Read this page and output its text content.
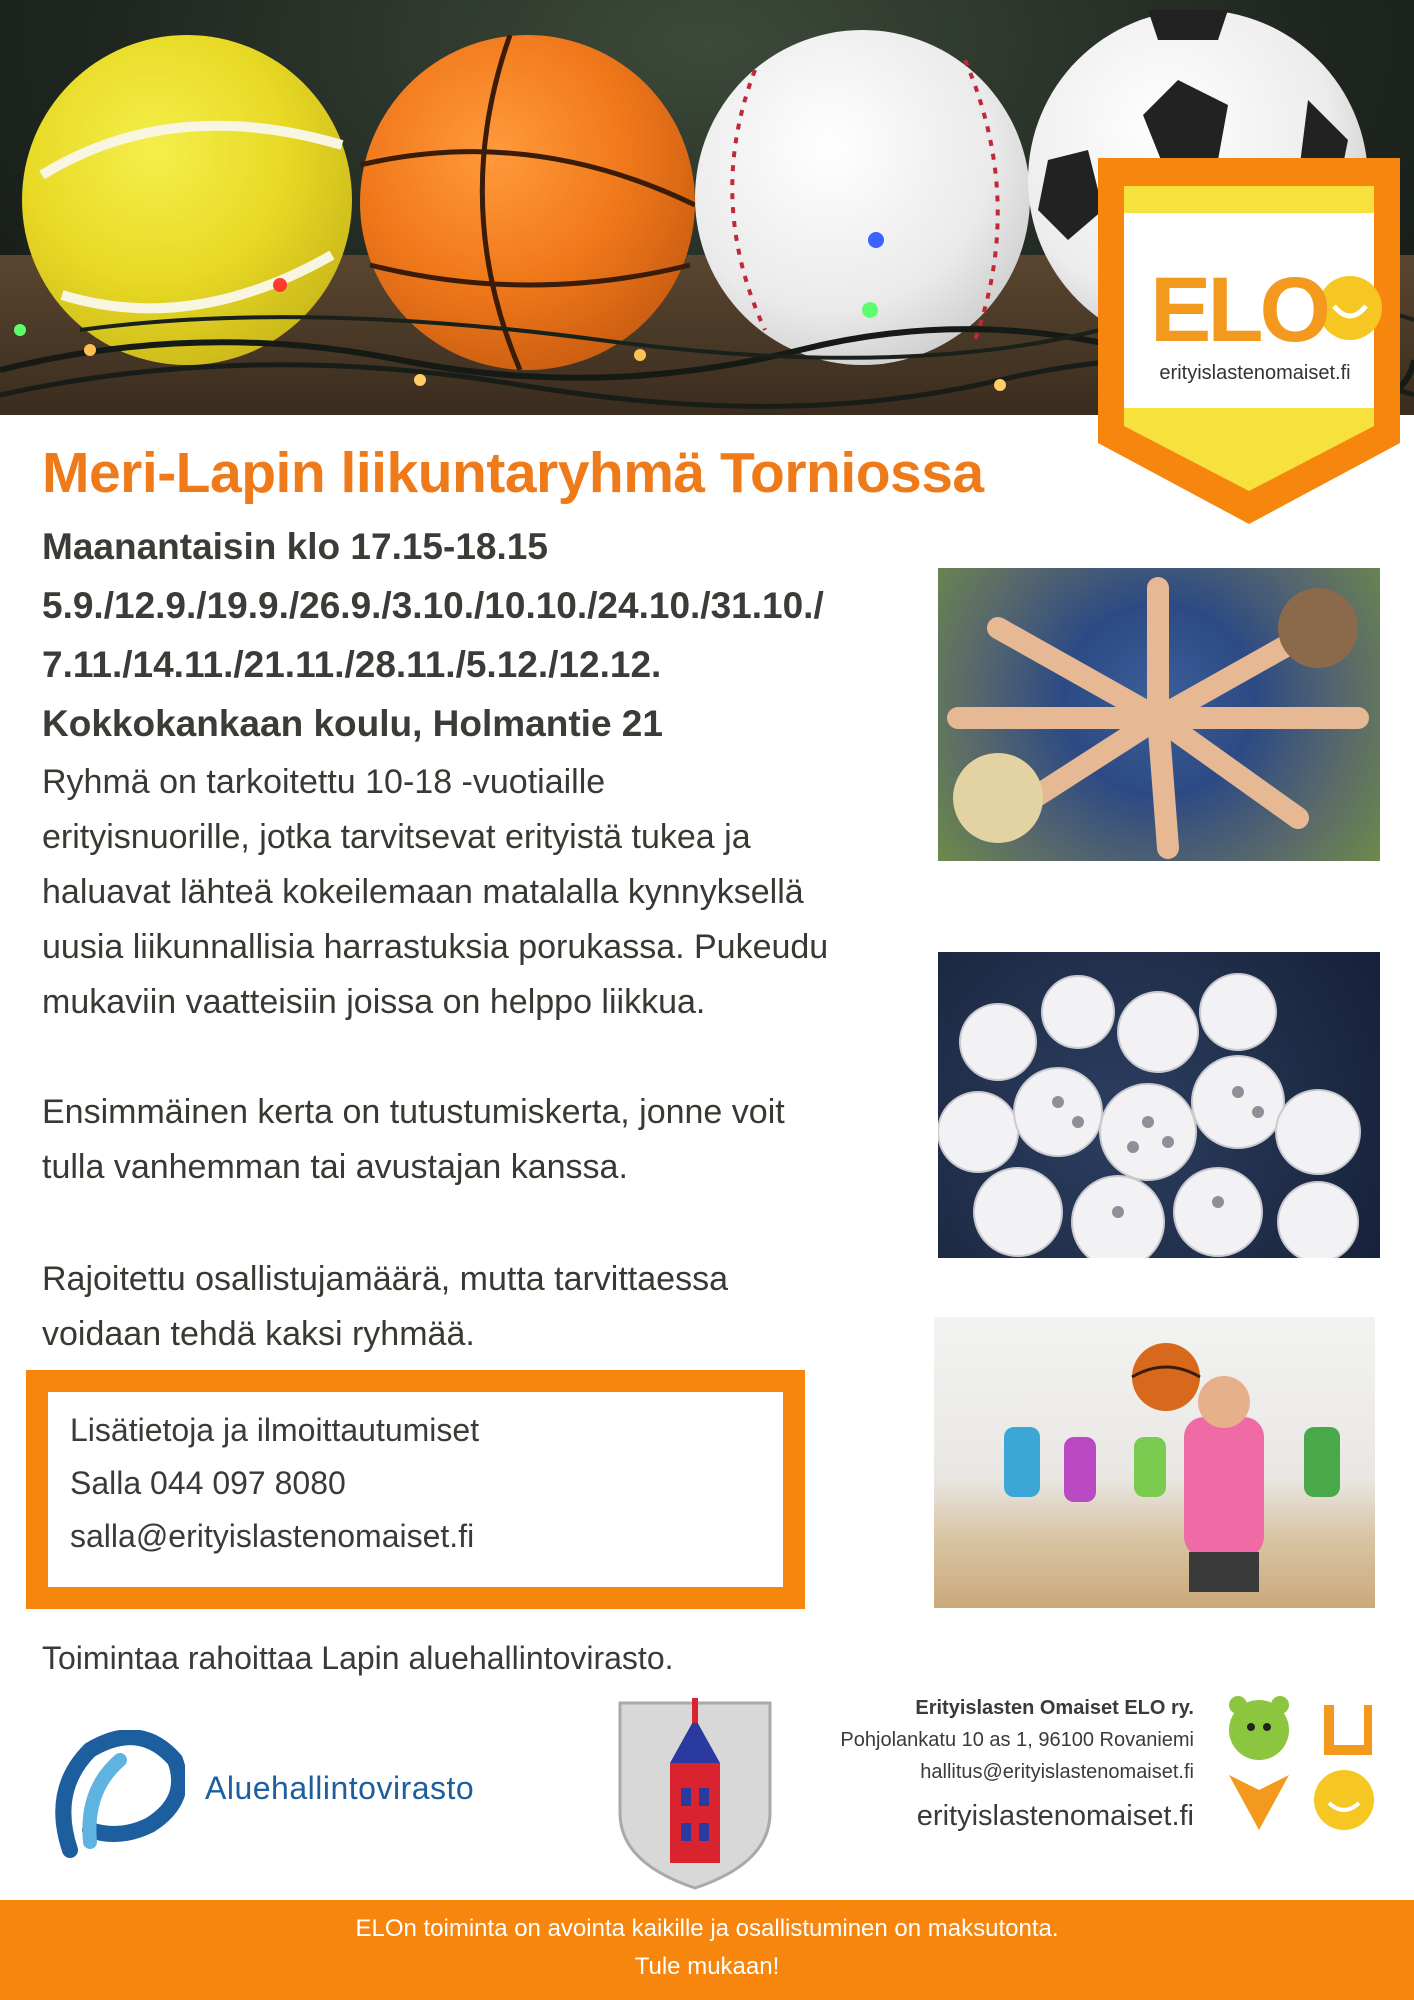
ELO
erityislastenomaiset.fi
Meri-Lapin liikuntaryhmä Torniossa
Maanantaisin klo 17.15-18.15
5.9./12.9./19.9./26.9./3.10./10.10./24.10./31.10./
7.11./14.11./21.11./28.11./5.12./12.12.
Kokkokankaan koulu, Holmantie 21
Ryhmä on tarkoitettu 10-18 -vuotiaille
erityisnuorille, jotka tarvitsevat erityistä tukea ja
haluavat lähteä kokeilemaan matalalla kynnyksellä
uusia liikunnallisia harrastuksia porukassa. Pukeudu
mukaviin vaatteisiin joissa on helppo liikkua.
Ensimmäinen kerta on tutustumiskerta, jonne voit
tulla vanhemman tai avustajan kanssa.
Rajoitettu osallistujamäärä, mutta tarvittaessa
voidaan tehdä kaksi ryhmää.
Lisätietoja ja ilmoittautumiset
Salla 044 097 8080
salla@erityislastenomaiset.fi
Toimintaa rahoittaa Lapin aluehallintovirasto.
Aluehallintovirasto
Erityislasten Omaiset ELO ry.
Pohjolankatu 10 as 1, 96100 Rovaniemi
hallitus@erityislastenomaiset.fi
erityislastenomaiset.fi
ELOn toiminta on avointa kaikille ja osallistuminen on maksutonta.
Tule mukaan!
